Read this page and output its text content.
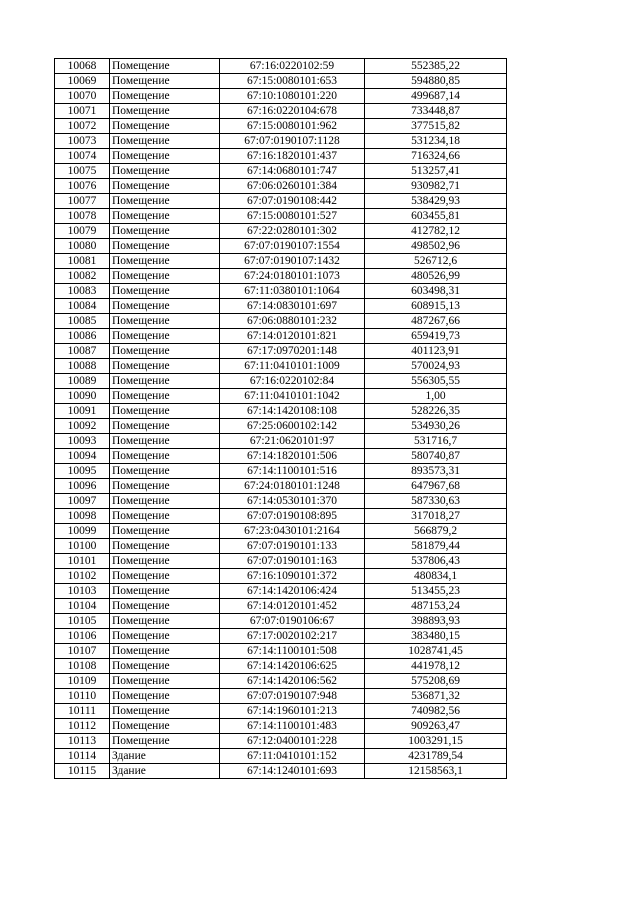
10068	Помещение	67:16:0220102:59	552385,22
10069	Помещение	67:15:0080101:653	594880,85
10070	Помещение	67:10:1080101:220	499687,14
10071	Помещение	67:16:0220104:678	733448,87
10072	Помещение	67:15:0080101:962	377515,82
10073	Помещение	67:07:0190107:1128	531234,18
10074	Помещение	67:16:1820101:437	716324,66
10075	Помещение	67:14:0680101:747	513257,41
10076	Помещение	67:06:0260101:384	930982,71
10077	Помещение	67:07:0190108:442	538429,93
10078	Помещение	67:15:0080101:527	603455,81
10079	Помещение	67:22:0280101:302	412782,12
10080	Помещение	67:07:0190107:1554	498502,96
10081	Помещение	67:07:0190107:1432	526712,6
10082	Помещение	67:24:0180101:1073	480526,99
10083	Помещение	67:11:0380101:1064	603498,31
10084	Помещение	67:14:0830101:697	608915,13
10085	Помещение	67:06:0880101:232	487267,66
10086	Помещение	67:14:0120101:821	659419,73
10087	Помещение	67:17:0970201:148	401123,91
10088	Помещение	67:11:0410101:1009	570024,93
10089	Помещение	67:16:0220102:84	556305,55
10090	Помещение	67:11:0410101:1042	1,00
10091	Помещение	67:14:1420108:108	528226,35
10092	Помещение	67:25:0600102:142	534930,26
10093	Помещение	67:21:0620101:97	531716,7
10094	Помещение	67:14:1820101:506	580740,87
10095	Помещение	67:14:1100101:516	893573,31
10096	Помещение	67:24:0180101:1248	647967,68
10097	Помещение	67:14:0530101:370	587330,63
10098	Помещение	67:07:0190108:895	317018,27
10099	Помещение	67:23:0430101:2164	566879,2
10100	Помещение	67:07:0190101:133	581879,44
10101	Помещение	67:07:0190101:163	537806,43
10102	Помещение	67:16:1090101:372	480834,1
10103	Помещение	67:14:1420106:424	513455,23
10104	Помещение	67:14:0120101:452	487153,24
10105	Помещение	67:07:0190106:67	398893,93
10106	Помещение	67:17:0020102:217	383480,15
10107	Помещение	67:14:1100101:508	1028741,45
10108	Помещение	67:14:1420106:625	441978,12
10109	Помещение	67:14:1420106:562	575208,69
10110	Помещение	67:07:0190107:948	536871,32
10111	Помещение	67:14:1960101:213	740982,56
10112	Помещение	67:14:1100101:483	909263,47
10113	Помещение	67:12:0400101:228	1003291,15
10114	Здание	67:11:0410101:152	4231789,54
10115	Здание	67:14:1240101:693	12158563,1
